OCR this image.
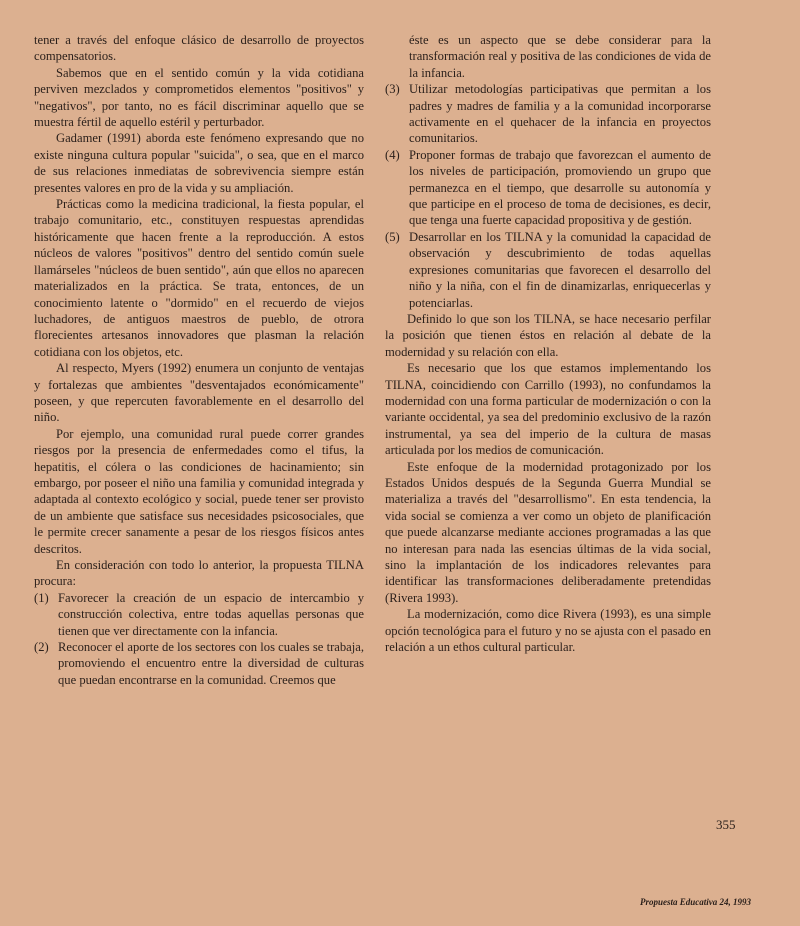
tener a través del enfoque clásico de desarrollo de proyectos compensatorios.

Sabemos que en el sentido común y la vida cotidiana perviven mezclados y comprometidos elementos "positivos" y "negativos", por tanto, no es fácil discriminar aquello que se muestra fértil de aquello estéril y perturbador.

Gadamer (1991) aborda este fenómeno expresando que no existe ninguna cultura popular "suicida", o sea, que en el marco de sus relaciones inmediatas de sobrevivencia siempre están presentes valores en pro de la vida y su ampliación.

Prácticas como la medicina tradicional, la fiesta popular, el trabajo comunitario, etc., constituyen respuestas aprendidas históricamente que hacen frente a la reproducción. A estos núcleos de valores "positivos" dentro del sentido común suele llamárseles "núcleos de buen sentido", aún que ellos no aparecen materializados en la práctica. Se trata, entonces, de un conocimiento latente o "dormido" en el recuerdo de viejos luchadores, de antiguos maestros de pueblo, de otrora florecientes artesanos innovadores que plasman la relación cotidiana con los objetos, etc.

Al respecto, Myers (1992) enumera un conjunto de ventajas y fortalezas que ambientes "desventajados económicamente" poseen, y que repercuten favorablemente en el desarrollo del niño.

Por ejemplo, una comunidad rural puede correr grandes riesgos por la presencia de enfermedades como el tifus, la hepatitis, el cólera o las condiciones de hacinamiento; sin embargo, por poseer el niño una familia y comunidad integrada y adaptada al contexto ecológico y social, puede tener ser provisto de un ambiente que satisface sus necesidades psicosociales, que le permite crecer sanamente a pesar de los riesgos físicos antes descritos.

En consideración con todo lo anterior, la propuesta TILNA procura:

(1) Favorecer la creación de un espacio de intercambio y construcción colectiva, entre todas aquellas personas que tienen que ver directamente con la infancia.
(2) Reconocer el aporte de los sectores con los cuales se trabaja, promoviendo el encuentro entre la diversidad de culturas que puedan encontrarse en la comunidad. Creemos que

éste es un aspecto que se debe considerar para la transformación real y positiva de las condiciones de vida de la infancia.

(3) Utilizar metodologías participativas que permitan a los padres y madres de familia y a la comunidad incorporarse activamente en el quehacer de la infancia en proyectos comunitarios.
(4) Proponer formas de trabajo que favorezcan el aumento de los niveles de participación, promoviendo un grupo que permanezca en el tiempo, que desarrolle su autonomía y que participe en el proceso de toma de decisiones, es decir, que tenga una fuerte capacidad propositiva y de gestión.
(5) Desarrollar en los TILNA y la comunidad la capacidad de observación y descubrimiento de todas aquellas expresiones comunitarias que favorecen el desarrollo del niño y la niña, con el fin de dinamizarlas, enriquecerlas y potenciarlas.

Definido lo que son los TILNA, se hace necesario perfilar la posición que tienen éstos en relación al debate de la modernidad y su relación con ella.

Es necesario que los que estamos implementando los TILNA, coincidiendo con Carrillo (1993), no confundamos la modernidad con una forma particular de modernización o con la variante occidental, ya sea del predominio exclusivo de la razón instrumental, ya sea del imperio de la cultura de masas articulada por los medios de comunicación.

Este enfoque de la modernidad protagonizado por los Estados Unidos después de la Segunda Guerra Mundial se materializa a través del "desarrollismo". En esta tendencia, la vida social se comienza a ver como un objeto de planificación que puede alcanzarse mediante acciones programadas a las que no interesan para nada las esencias últimas de la vida social, sino la implantación de los indicadores relevantes para identificar las transformaciones deliberadamente pretendidas (Rivera 1993).

La modernización, como dice Rivera (1993), es una simple opción tecnológica para el futuro y no se ajusta con el pasado en relación a un ethos cultural particular.

355
Propuesta Educativa 24, 1993
